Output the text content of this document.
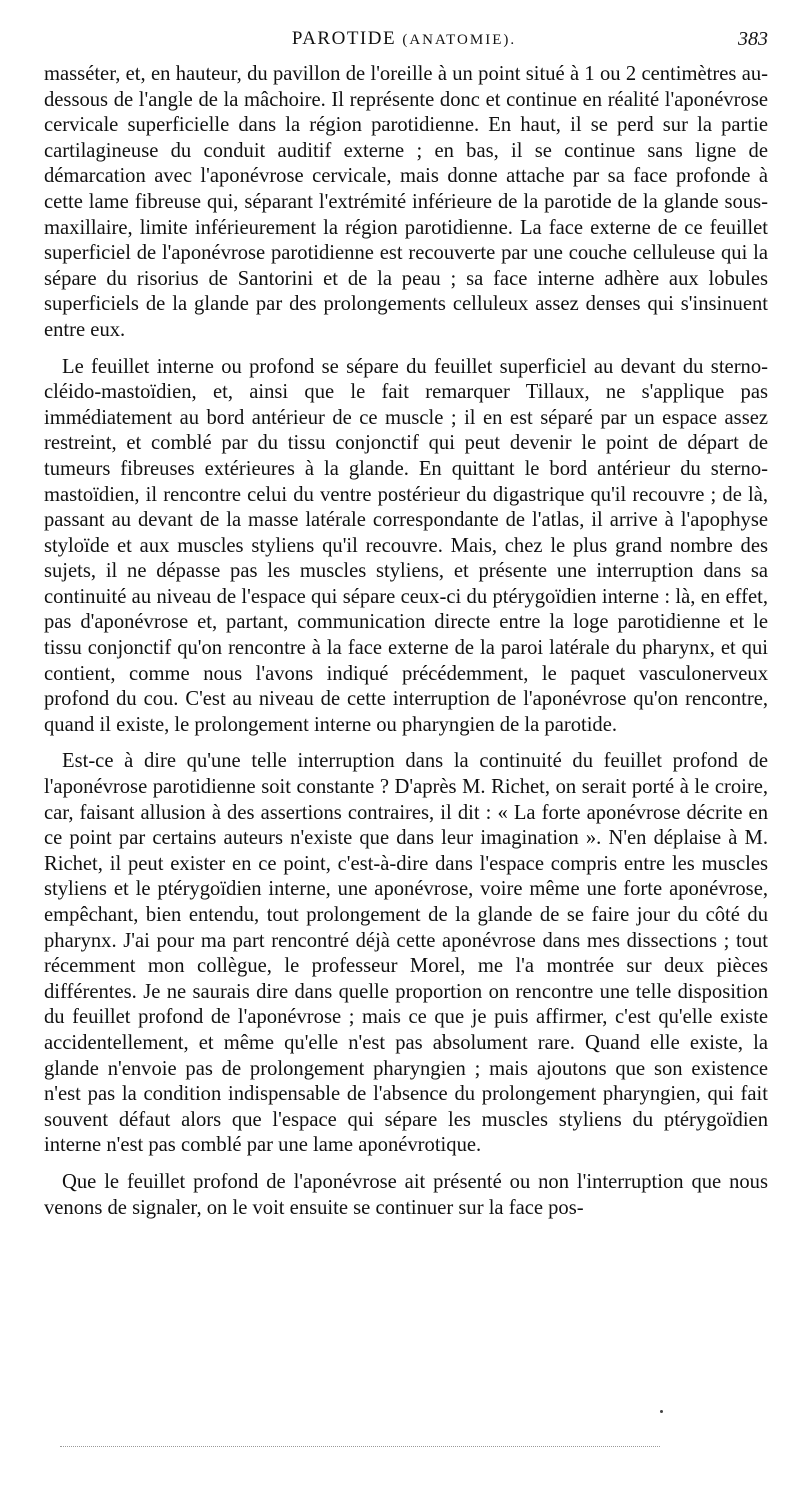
PAROTIDE (ANATOMIE).	383

masséter, et, en hauteur, du pavillon de l'oreille à un point situé à 1 ou 2 centimètres au-dessous de l'angle de la mâchoire. Il représente donc et continue en réalité l'aponévrose cervicale superficielle dans la région parotidienne. En haut, il se perd sur la partie cartilagineuse du conduit auditif externe ; en bas, il se continue sans ligne de démarcation avec l'aponévrose cervicale, mais donne attache par sa face profonde à cette lame fibreuse qui, séparant l'extrémité inférieure de la parotide de la glande sous-maxillaire, limite inférieurement la région parotidienne. La face externe de ce feuillet superficiel de l'aponévrose parotidienne est recouverte par une couche celluleuse qui la sépare du risorius de Santorini et de la peau ; sa face interne adhère aux lobules superficiels de la glande par des prolongements celluleux assez denses qui s'insinuent entre eux.

Le feuillet interne ou profond se sépare du feuillet superficiel au devant du sterno-cléido-mastoïdien, et, ainsi que le fait remarquer Tillaux, ne s'applique pas immédiatement au bord antérieur de ce muscle ; il en est séparé par un espace assez restreint, et comblé par du tissu conjonctif qui peut devenir le point de départ de tumeurs fibreuses extérieures à la glande. En quittant le bord antérieur du sterno-mastoïdien, il rencontre celui du ventre postérieur du digastrique qu'il recouvre ; de là, passant au devant de la masse latérale correspondante de l'atlas, il arrive à l'apophyse styloïde et aux muscles styliens qu'il recouvre. Mais, chez le plus grand nombre des sujets, il ne dépasse pas les muscles styliens, et présente une interruption dans sa continuité au niveau de l'espace qui sépare ceux-ci du ptérygoïdien interne : là, en effet, pas d'aponévrose et, partant, communication directe entre la loge parotidienne et le tissu conjonctif qu'on rencontre à la face externe de la paroi latérale du pharynx, et qui contient, comme nous l'avons indiqué précédemment, le paquet vasculonerveux profond du cou. C'est au niveau de cette interruption de l'aponévrose qu'on rencontre, quand il existe, le prolongement interne ou pharyngien de la parotide.

Est-ce à dire qu'une telle interruption dans la continuité du feuillet profond de l'aponévrose parotidienne soit constante ? D'après M. Richet, on serait porté à le croire, car, faisant allusion à des assertions contraires, il dit : « La forte aponévrose décrite en ce point par certains auteurs n'existe que dans leur imagination ». N'en déplaise à M. Richet, il peut exister en ce point, c'est-à-dire dans l'espace compris entre les muscles styliens et le ptérygoïdien interne, une aponévrose, voire même une forte aponévrose, empêchant, bien entendu, tout prolongement de la glande de se faire jour du côté du pharynx. J'ai pour ma part rencontré déjà cette aponévrose dans mes dissections ; tout récemment mon collègue, le professeur Morel, me l'a montrée sur deux pièces différentes. Je ne saurais dire dans quelle proportion on rencontre une telle disposition du feuillet profond de l'aponévrose ; mais ce que je puis affirmer, c'est qu'elle existe accidentellement, et même qu'elle n'est pas absolument rare. Quand elle existe, la glande n'envoie pas de prolongement pharyngien ; mais ajoutons que son existence n'est pas la condition indispensable de l'absence du prolongement pharyngien, qui fait souvent défaut alors que l'espace qui sépare les muscles styliens du ptérygoïdien interne n'est pas comblé par une lame aponévrotique.

Que le feuillet profond de l'aponévrose ait présenté ou non l'interruption que nous venons de signaler, on le voit ensuite se continuer sur la face pos-
